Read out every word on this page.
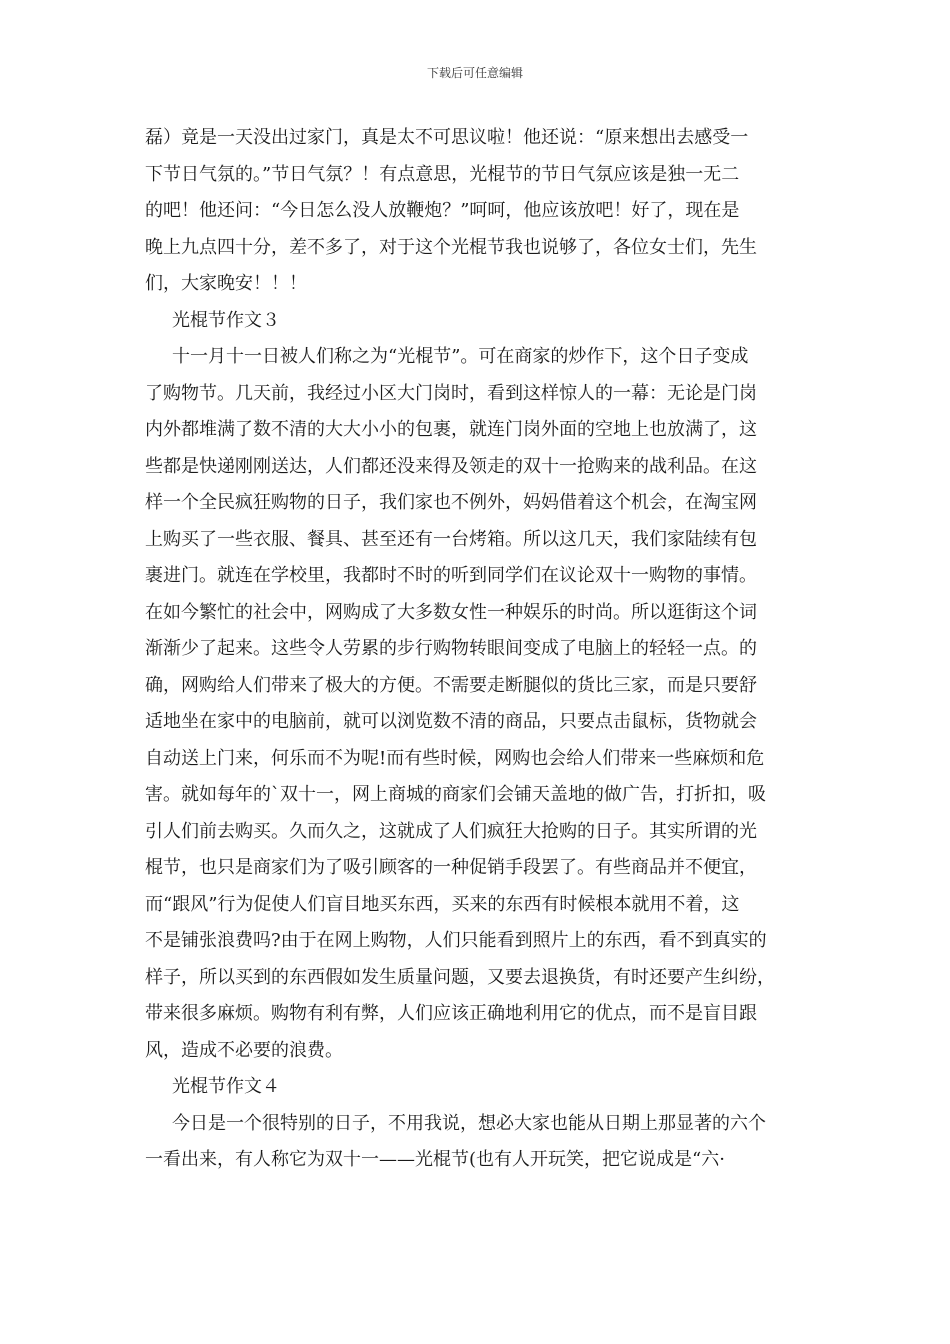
下载后可任意编辑
磊）竟是一天没出过家门，真是太不可思议啦！他还说：“原来想出去感受一
下节日气氛的。”节日气氛？！有点意思，光棍节的节日气氛应该是独一无二
的吧！他还问：“今日怎么没人放鞭炮？”呵呵，他应该放吧！好了，现在是
晚上九点四十分，差不多了，对于这个光棍节我也说够了，各位女士们，先生
们，大家晚安！！！
光棍节作文３
十一月十一日被人们称之为“光棍节”。可在商家的炒作下，这个日子变成
了购物节。几天前，我经过小区大门岗时，看到这样惊人的一幕：无论是门岗
内外都堆满了数不清的大大小小的包裹，就连门岗外面的空地上也放满了，这
些都是快递刚刚送达，人们都还没来得及领走的双十一抢购来的战利品。在这
样一个全民疯狂购物的日子，我们家也不例外，妈妈借着这个机会，在淘宝网
上购买了一些衣服、餐具、甚至还有一台烤箱。所以这几天，我们家陆续有包
裹进门。就连在学校里，我都时不时的听到同学们在议论双十一购物的事情。
在如今繁忙的社会中，网购成了大多数女性一种娱乐的时尚。所以逛街这个词
渐渐少了起来。这些令人劳累的步行购物转眼间变成了电脑上的轻轻一点。的
确，网购给人们带来了极大的方便。不需要走断腿似的货比三家，而是只要舒
适地坐在家中的电脑前，就可以浏览数不清的商品，只要点击鼠标，货物就会
自动送上门来，何乐而不为呢!而有些时候，网购也会给人们带来一些麻烦和危
害。就如每年的`双十一，网上商城的商家们会铺天盖地的做广告，打折扣，吸
引人们前去购买。久而久之，这就成了人们疯狂大抢购的日子。其实所谓的光
棍节，也只是商家们为了吸引顾客的一种促销手段罢了。有些商品并不便宜，
而“跟风”行为促使人们盲目地买东西，买来的东西有时候根本就用不着，这
不是铺张浪费吗?由于在网上购物，人们只能看到照片上的东西，看不到真实的
样子，所以买到的东西假如发生质量问题，又要去退换货，有时还要产生纠纷，
带来很多麻烦。购物有利有弊，人们应该正确地利用它的优点，而不是盲目跟
风，造成不必要的浪费。
光棍节作文４
今日是一个很特别的日子，不用我说，想必大家也能从日期上那显著的六个
一看出来，有人称它为双十一——光棍节(也有人开玩笑，把它说成是“六·
